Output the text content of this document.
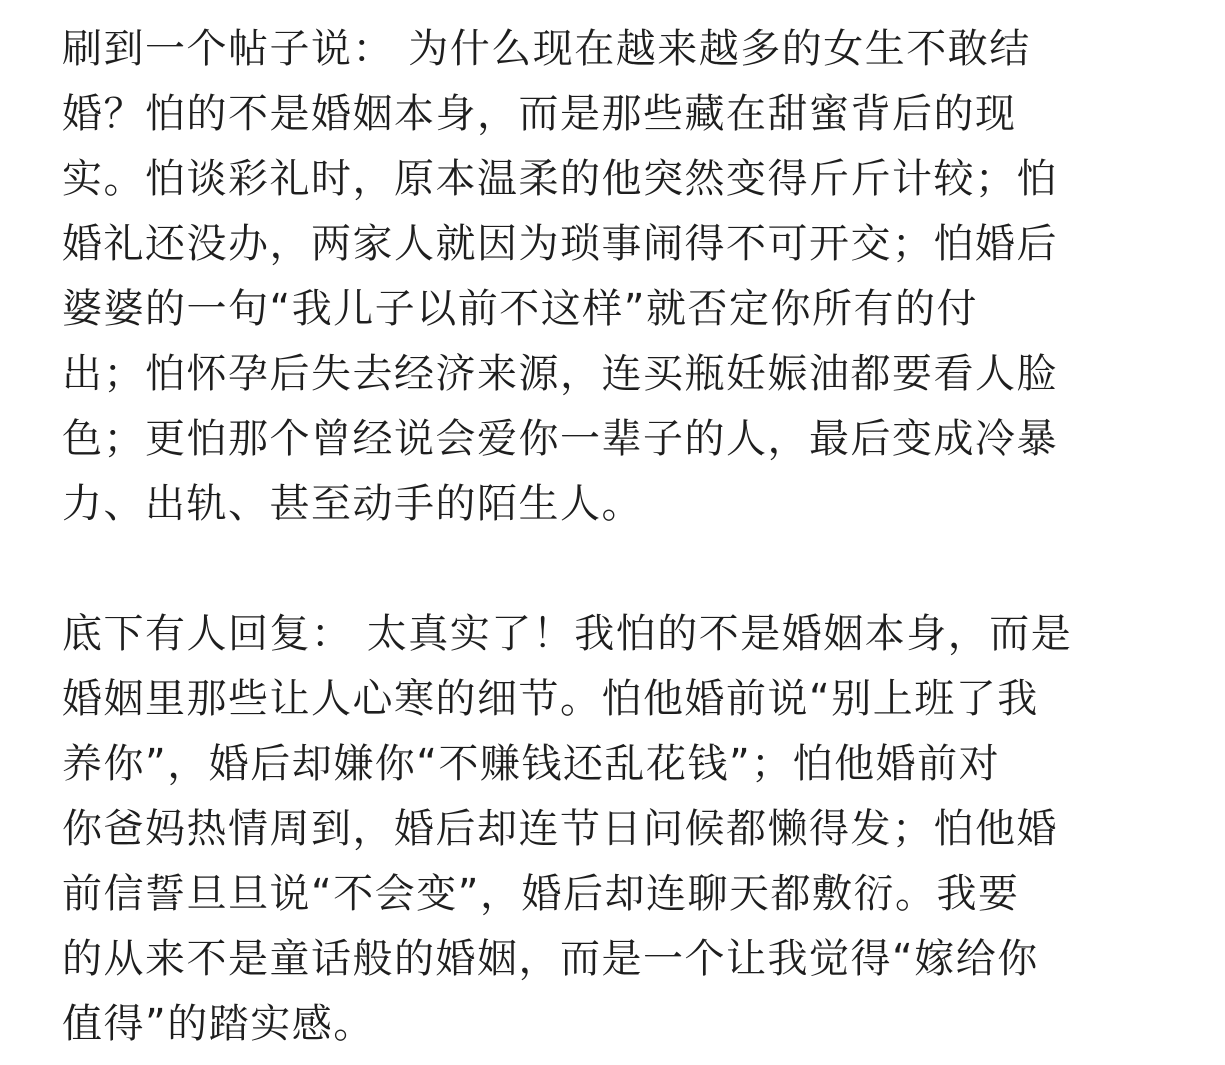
刷到一个帖子说： 为什么现在越来越多的女生不敢结
婚？怕的不是婚姻本身，而是那些藏在甜蜜背后的现
实。怕谈彩礼时，原本温柔的他突然变得斤斤计较；怕
婚礼还没办，两家人就因为琐事闹得不可开交；怕婚后
婆婆的一句“我儿子以前不这样”就否定你所有的付
出；怕怀孕后失去经济来源，连买瓶妊娠油都要看人脸
色；更怕那个曾经说会爱你一辈子的人，最后变成冷暴
力、出轨、甚至动手的陌生人。

底下有人回复： 太真实了！我怕的不是婚姻本身，而是
婚姻里那些让人心寒的细节。怕他婚前说“别上班了我
养你”，婚后却嫌你“不赚钱还乱花钱”；怕他婚前对
你爸妈热情周到，婚后却连节日问候都懒得发；怕他婚
前信誓旦旦说“不会变”，婚后却连聊天都敷衍。我要
的从来不是童话般的婚姻，而是一个让我觉得“嫁给你
值得”的踏实感。
